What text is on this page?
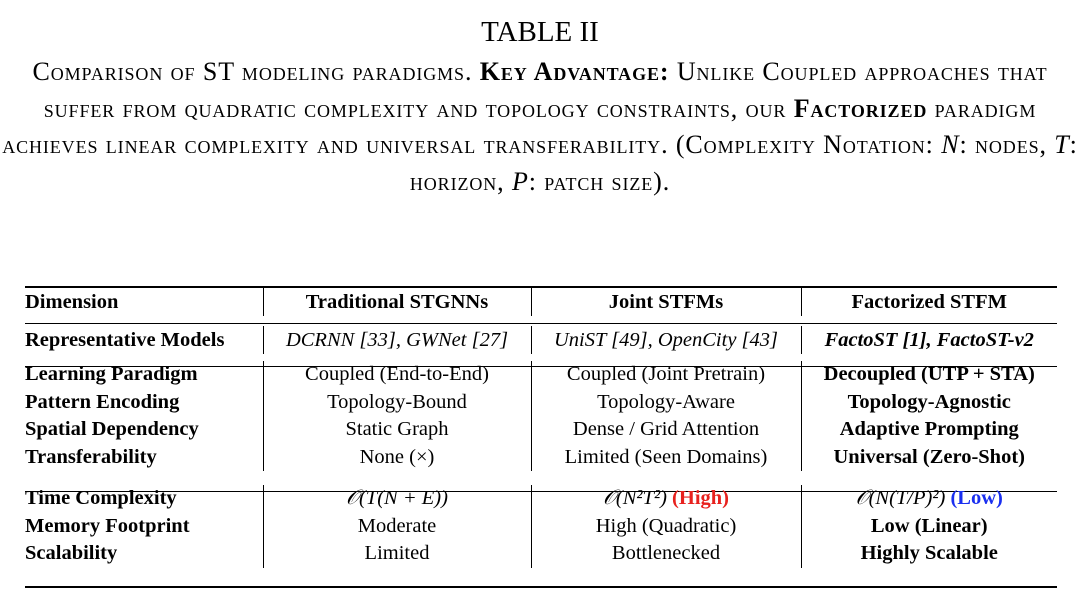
TABLE II
Comparison of ST modeling paradigms. Key Advantage: Unlike Coupled approaches that suffer from quadratic complexity and topology constraints, our Factorized paradigm achieves linear complexity and universal transferability. (Complexity Notation: N: nodes, T: horizon, P: patch size).
Dimension	Traditional STGNNs	Joint STFMs	Factorized STFM

Representative Models	DCRNN [33], GWNet [27]	UniST [49], OpenCity [43]	FactoST [1], FactoST-v2

Learning Paradigm	Coupled (End-to-End)	Coupled (Joint Pretrain)	Decoupled (UTP + STA)
Pattern Encoding	Topology-Bound	Topology-Aware	Topology-Agnostic
Spatial Dependency	Static Graph	Dense / Grid Attention	Adaptive Prompting
Transferability	None (×)	Limited (Seen Domains)	Universal (Zero-Shot)

Time Complexity	𝒪(T(N + E))	𝒪(N²T²) (High)	𝒪(N(T/P)²) (Low)
Memory Footprint	Moderate	High (Quadratic)	Low (Linear)
Scalability	Limited	Bottlenecked	Highly Scalable
